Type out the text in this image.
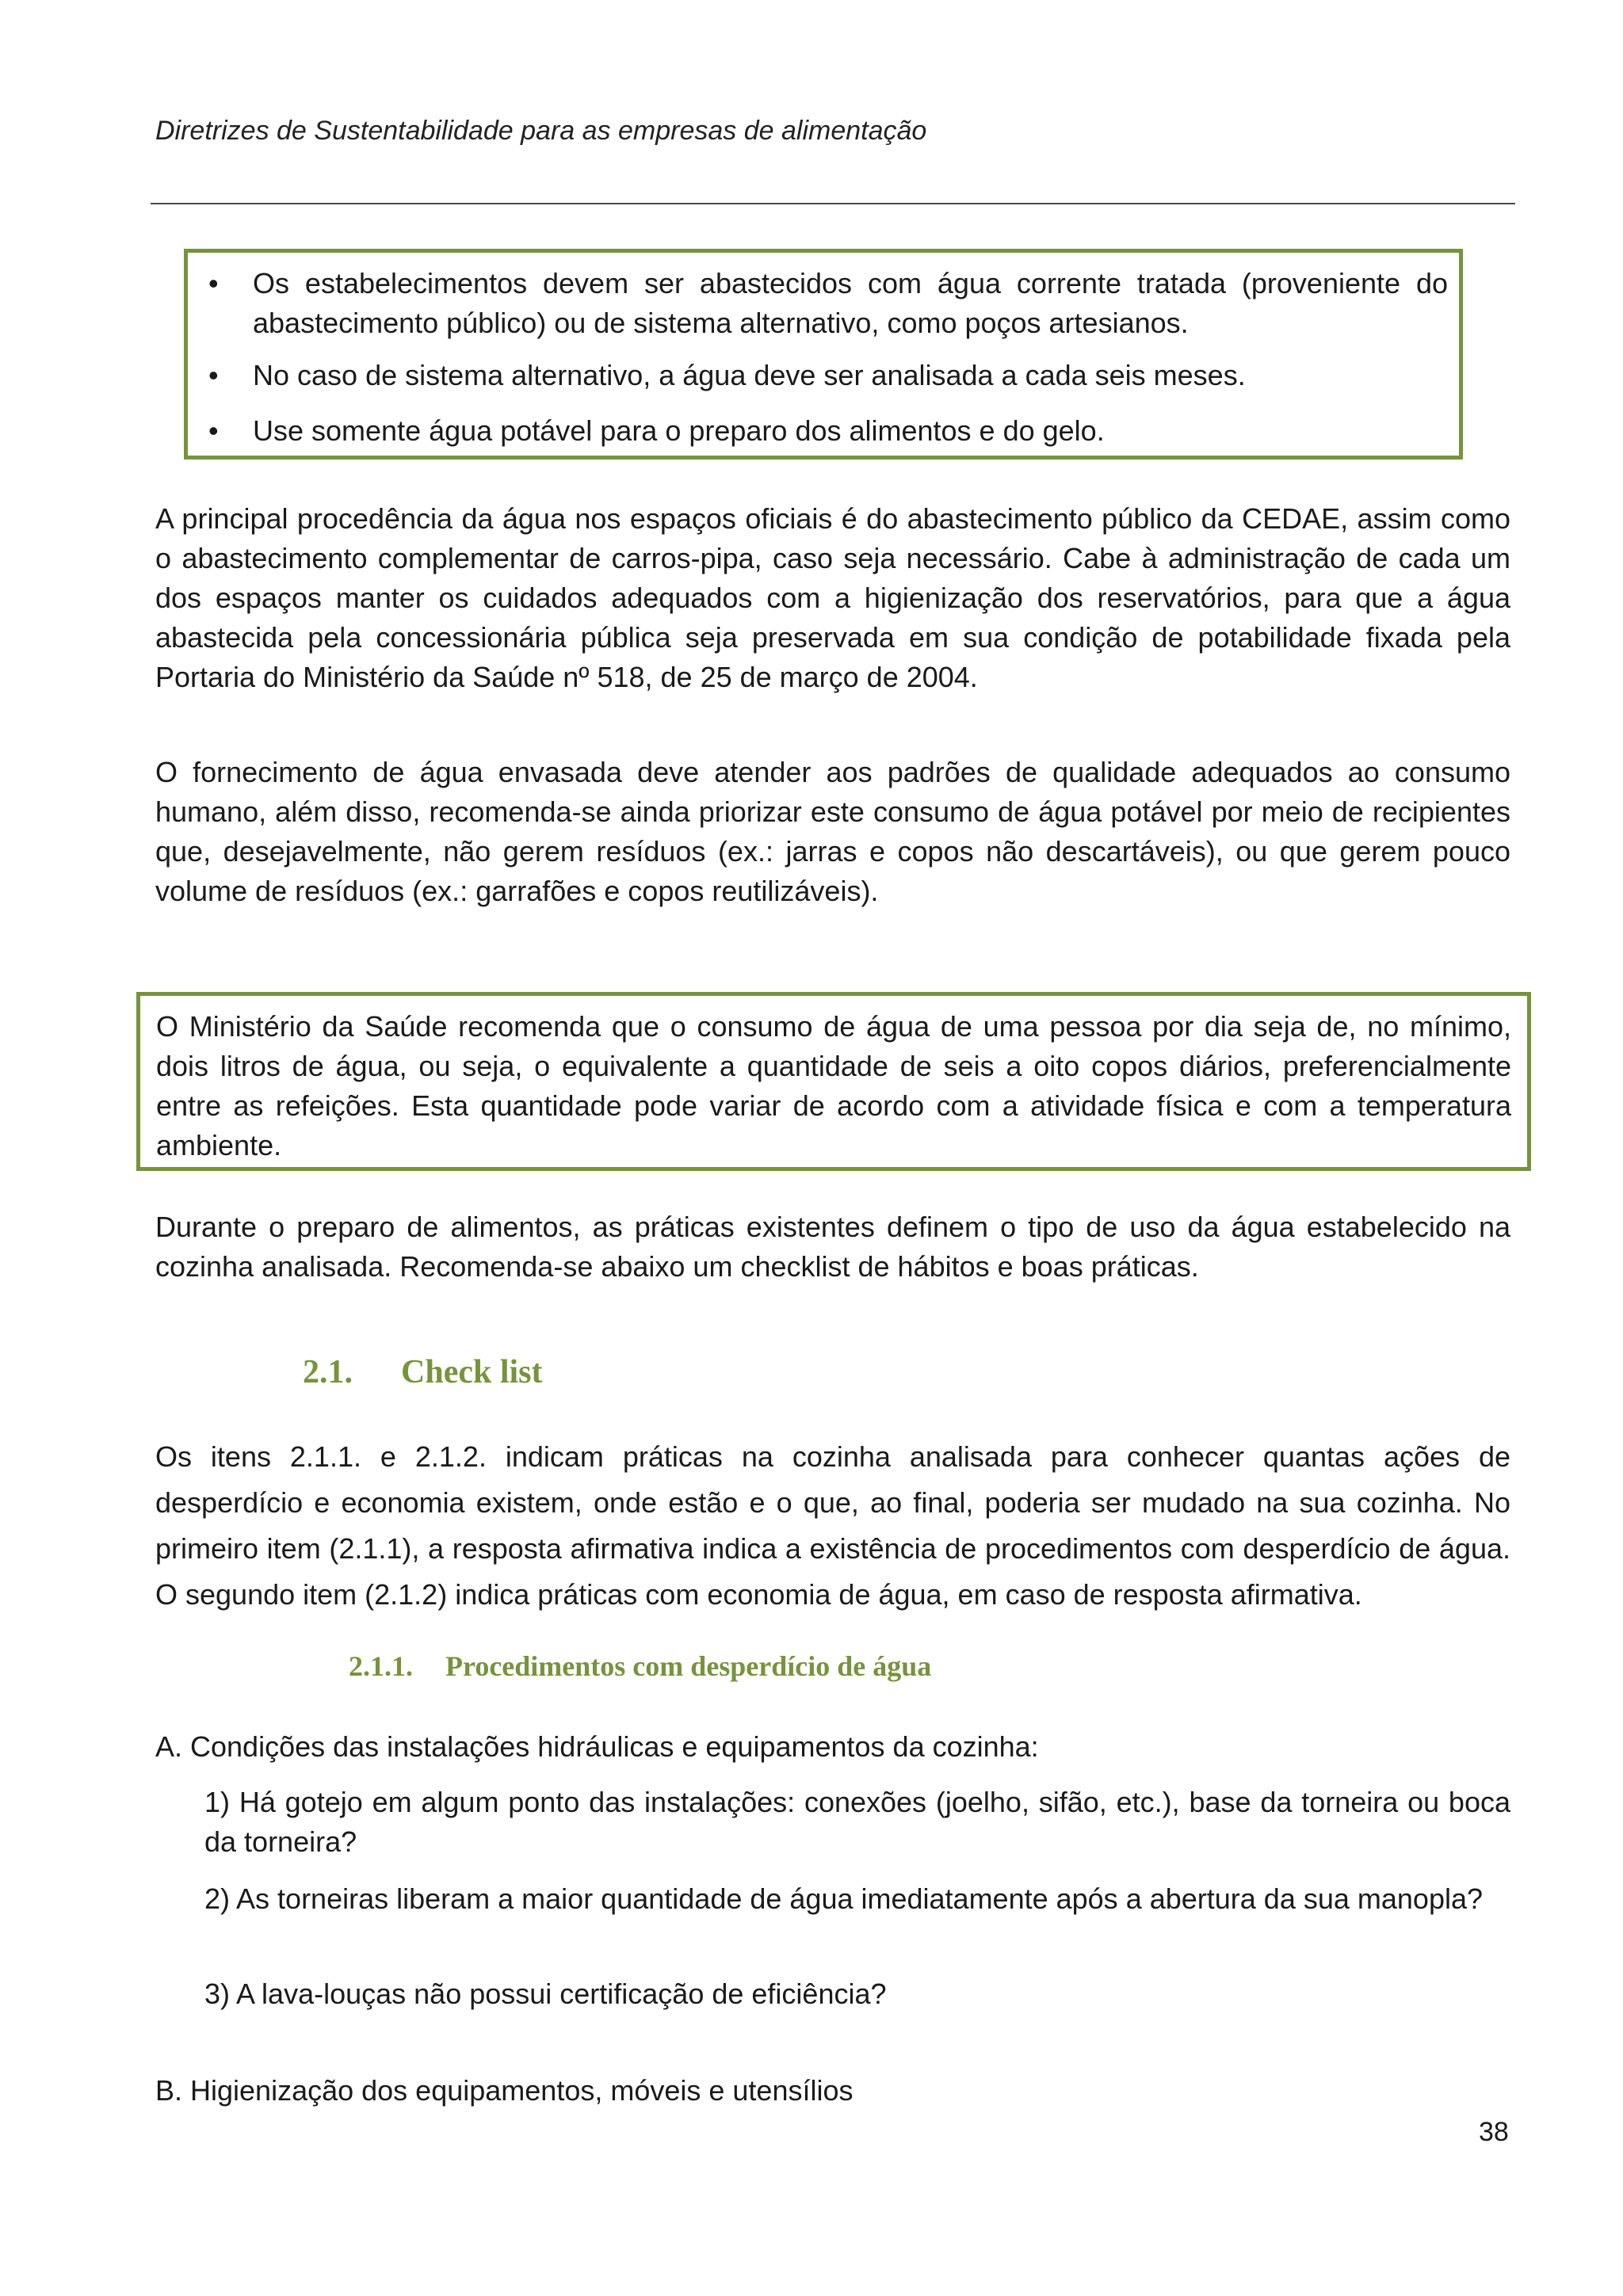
Diretrizes de Sustentabilidade para as empresas de alimentação
• Os estabelecimentos devem ser abastecidos com água corrente tratada (proveniente do abastecimento público) ou de sistema alternativo, como poços artesianos.
• No caso de sistema alternativo, a água deve ser analisada a cada seis meses.
• Use somente água potável para o preparo dos alimentos e do gelo.

A principal procedência da água nos espaços oficiais é do abastecimento público da CEDAE, assim como o abastecimento complementar de carros-pipa, caso seja necessário. Cabe à administração de cada um dos espaços manter os cuidados adequados com a higienização dos reservatórios, para que a água abastecida pela concessionária pública seja preservada em sua condição de potabilidade fixada pela Portaria do Ministério da Saúde nº 518, de 25 de março de 2004.

O fornecimento de água envasada deve atender aos padrões de qualidade adequados ao consumo humano, além disso, recomenda-se ainda priorizar este consumo de água potável por meio de recipientes que, desejavelmente, não gerem resíduos (ex.: jarras e copos não descartáveis), ou que gerem pouco volume de resíduos (ex.: garrafões e copos reutilizáveis).

O Ministério da Saúde recomenda que o consumo de água de uma pessoa por dia seja de, no mínimo, dois litros de água, ou seja, o equivalente a quantidade de seis a oito copos diários, preferencialmente entre as refeições. Esta quantidade pode variar de acordo com a atividade física e com a temperatura ambiente.

Durante o preparo de alimentos, as práticas existentes definem o tipo de uso da água estabelecido na cozinha analisada. Recomenda-se abaixo um checklist de hábitos e boas práticas.

2.1. Check list

Os itens 2.1.1. e 2.1.2. indicam práticas na cozinha analisada para conhecer quantas ações de desperdício e economia existem, onde estão e o que, ao final, poderia ser mudado na sua cozinha. No primeiro item (2.1.1), a resposta afirmativa indica a existência de procedimentos com desperdício de água. O segundo item (2.1.2) indica práticas com economia de água, em caso de resposta afirmativa.

2.1.1. Procedimentos com desperdício de água
A. Condições das instalações hidráulicas e equipamentos da cozinha:
1) Há gotejo em algum ponto das instalações: conexões (joelho, sifão, etc.), base da torneira ou boca da torneira?
2) As torneiras liberam a maior quantidade de água imediatamente após a abertura da sua manopla?
3) A lava-louças não possui certificação de eficiência?
B. Higienização dos equipamentos, móveis e utensílios
38
